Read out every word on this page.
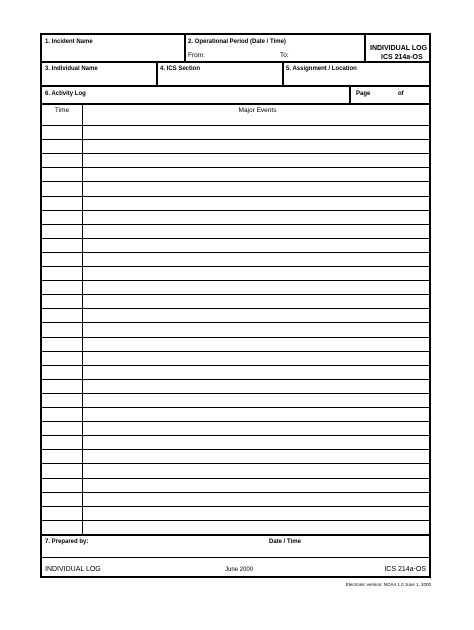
1. Incident Name	2. Operational Period (Date / Time)
From:	To:
INDIVIDUAL LOG
ICS 214a-OS
3. Individual Name	4. ICS Section	5. Assignment / Location
6. Activity Log	Page	of
Time	Major Events
7. Prepared by:	Date / Time
INDIVIDUAL LOG	June 2000	ICS 214a-OS
Electronic version: NOAA 1.0 June 1, 2000
